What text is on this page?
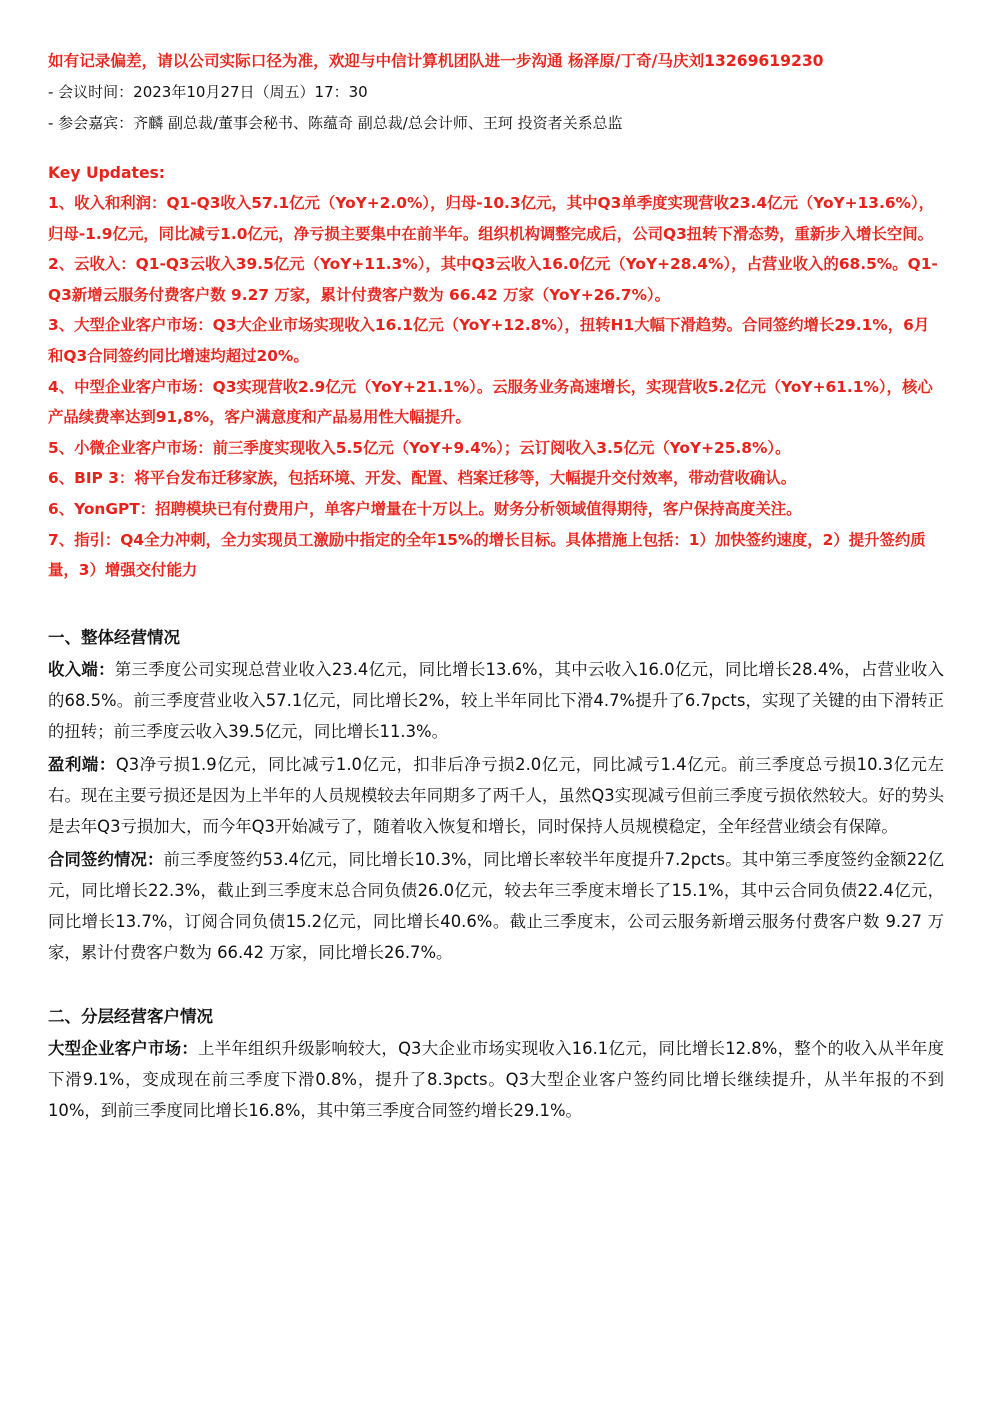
如有记录偏差，请以公司实际口径为准，欢迎与中信计算机团队进一步沟通 杨泽原/丁奇/马庆刘13269619230
- 会议时间：2023年10月27日（周五）17：30
- 参会嘉宾：齐麟 副总裁/董事会秘书、陈蕴奇 副总裁/总会计师、王珂 投资者关系总监
Key Updates:

1、收入和利润：Q1-Q3收入57.1亿元（YoY+2.0%），归母-10.3亿元，其中Q3单季度实现营收23.4亿元（YoY+13.6%），归母-1.9亿元，同比减亏1.0亿元，净亏损主要集中在前半年。组织机构调整完成后，公司Q3扭转下滑态势，重新步入增长空间。

2、云收入：Q1-Q3云收入39.5亿元（YoY+11.3%），其中Q3云收入16.0亿元（YoY+28.4%），占营业收入的68.5%。Q1-Q3新增云服务付费客户数 9.27 万家，累计付费客户数为 66.42 万家（YoY+26.7%）。

3、大型企业客户市场：Q3大企业市场实现收入16.1亿元（YoY+12.8%），扭转H1大幅下滑趋势。合同签约增长29.1%，6月和Q3合同签约同比增速均超过20%。

4、中型企业客户市场：Q3实现营收2.9亿元（YoY+21.1%）。云服务业务高速增长，实现营收5.2亿元（YoY+61.1%），核心产品续费率达到91,8%，客户满意度和产品易用性大幅提升。

5、小微企业客户市场：前三季度实现收入5.5亿元（YoY+9.4%）；云订阅收入3.5亿元（YoY+25.8%）。

6、BIP 3：将平台发布迁移家族，包括环境、开发、配置、档案迁移等，大幅提升交付效率，带动营收确认。

6、YonGPT：招聘模块已有付费用户，单客户增量在十万以上。财务分析领域值得期待，客户保持高度关注。

7、指引：Q4全力冲刺，全力实现员工激励中指定的全年15%的增长目标。具体措施上包括：1）加快签约速度，2）提升签约质量，3）增强交付能力

一、整体经营情况

收入端：第三季度公司实现总营业收入23.4亿元，同比增长13.6%，其中云收入16.0亿元，同比增长28.4%，占营业收入的68.5%。前三季度营业收入57.1亿元，同比增长2%，较上半年同比下滑4.7%提升了6.7pcts，实现了关键的由下滑转正的扭转；前三季度云收入39.5亿元，同比增长11.3%。

盈利端：Q3净亏损1.9亿元，同比减亏1.0亿元，扣非后净亏损2.0亿元，同比减亏1.4亿元。前三季度总亏损10.3亿元左右。现在主要亏损还是因为上半年的人员规模较去年同期多了两千人，虽然Q3实现减亏但前三季度亏损依然较大。好的势头是去年Q3亏损加大，而今年Q3开始减亏了，随着收入恢复和增长，同时保持人员规模稳定，全年经营业绩会有保障。

合同签约情况：前三季度签约53.4亿元，同比增长10.3%，同比增长率较半年度提升7.2pcts。其中第三季度签约金额22亿元，同比增长22.3%，截止到三季度末总合同负债26.0亿元，较去年三季度末增长了15.1%，其中云合同负债22.4亿元，同比增长13.7%，订阅合同负债15.2亿元，同比增长40.6%。截止三季度末，公司云服务新增云服务付费客户数 9.27 万家，累计付费客户数为 66.42 万家，同比增长26.7%。

二、分层经营客户情况

大型企业客户市场：上半年组织升级影响较大，Q3大企业市场实现收入16.1亿元，同比增长12.8%，整个的收入从半年度下滑9.1%，变成现在前三季度下滑0.8%，提升了8.3pcts。Q3大型企业客户签约同比增长继续提升，从半年报的不到10%，到前三季度同比增长16.8%，其中第三季度合同签约增长29.1%。
